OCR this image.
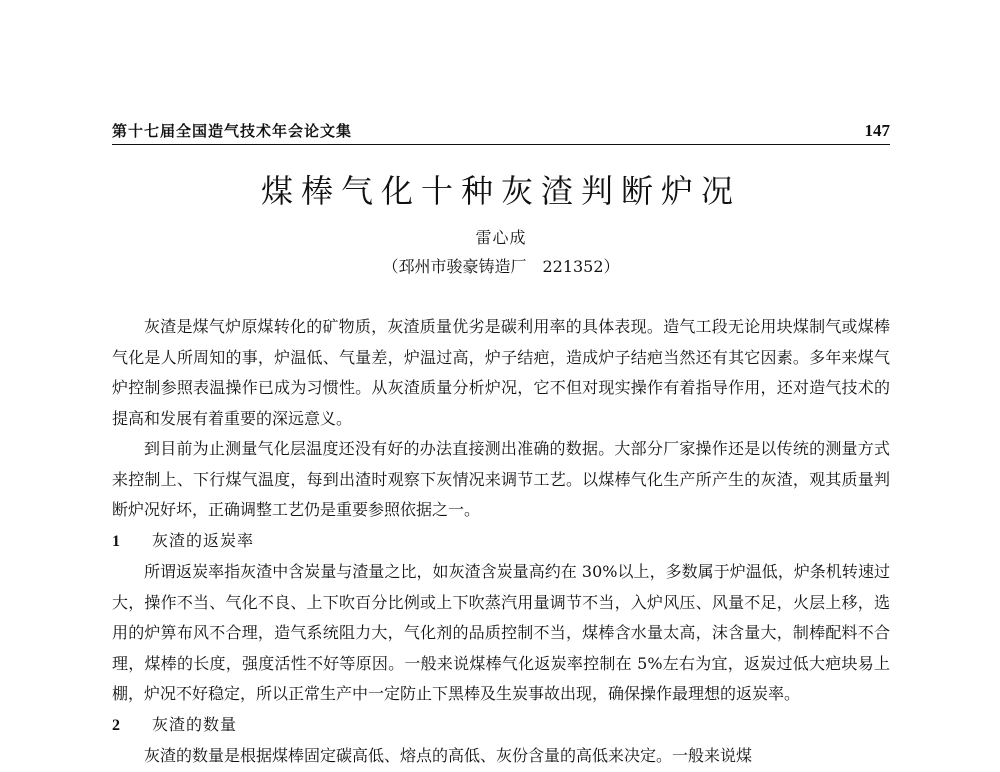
第十七届全国造气技术年会论文集	147
煤棒气化十种灰渣判断炉况
雷心成
（邳州市骏豪铸造厂　221352）

灰渣是煤气炉原煤转化的矿物质，灰渣质量优劣是碳利用率的具体表现。造气工段无论用块煤制气或煤棒气化是人所周知的事，炉温低、气量差，炉温过高，炉子结疤，造成炉子结疤当然还有其它因素。多年来煤气炉控制参照表温操作已成为习惯性。从灰渣质量分析炉况，它不但对现实操作有着指导作用，还对造气技术的提高和发展有着重要的深远意义。

到目前为止测量气化层温度还没有好的办法直接测出准确的数据。大部分厂家操作还是以传统的测量方式来控制上、下行煤气温度，每到出渣时观察下灰情况来调节工艺。以煤棒气化生产所产生的灰渣，观其质量判断炉况好坏，正确调整工艺仍是重要参照依据之一。

1 灰渣的返炭率

所谓返炭率指灰渣中含炭量与渣量之比，如灰渣含炭量高约在 30%以上，多数属于炉温低，炉条机转速过大，操作不当、气化不良、上下吹百分比例或上下吹蒸汽用量调节不当，入炉风压、风量不足，火层上移，选用的炉箅布风不合理，造气系统阻力大，气化剂的品质控制不当，煤棒含水量太高，沫含量大，制棒配料不合理，煤棒的长度，强度活性不好等原因。一般来说煤棒气化返炭率控制在 5%左右为宜，返炭过低大疤块易上棚，炉况不好稳定，所以正常生产中一定防止下黑棒及生炭事故出现，确保操作最理想的返炭率。

2 灰渣的数量

灰渣的数量是根据煤棒固定碳高低、熔点的高低、灰份含量的高低来决定。一般来说煤
